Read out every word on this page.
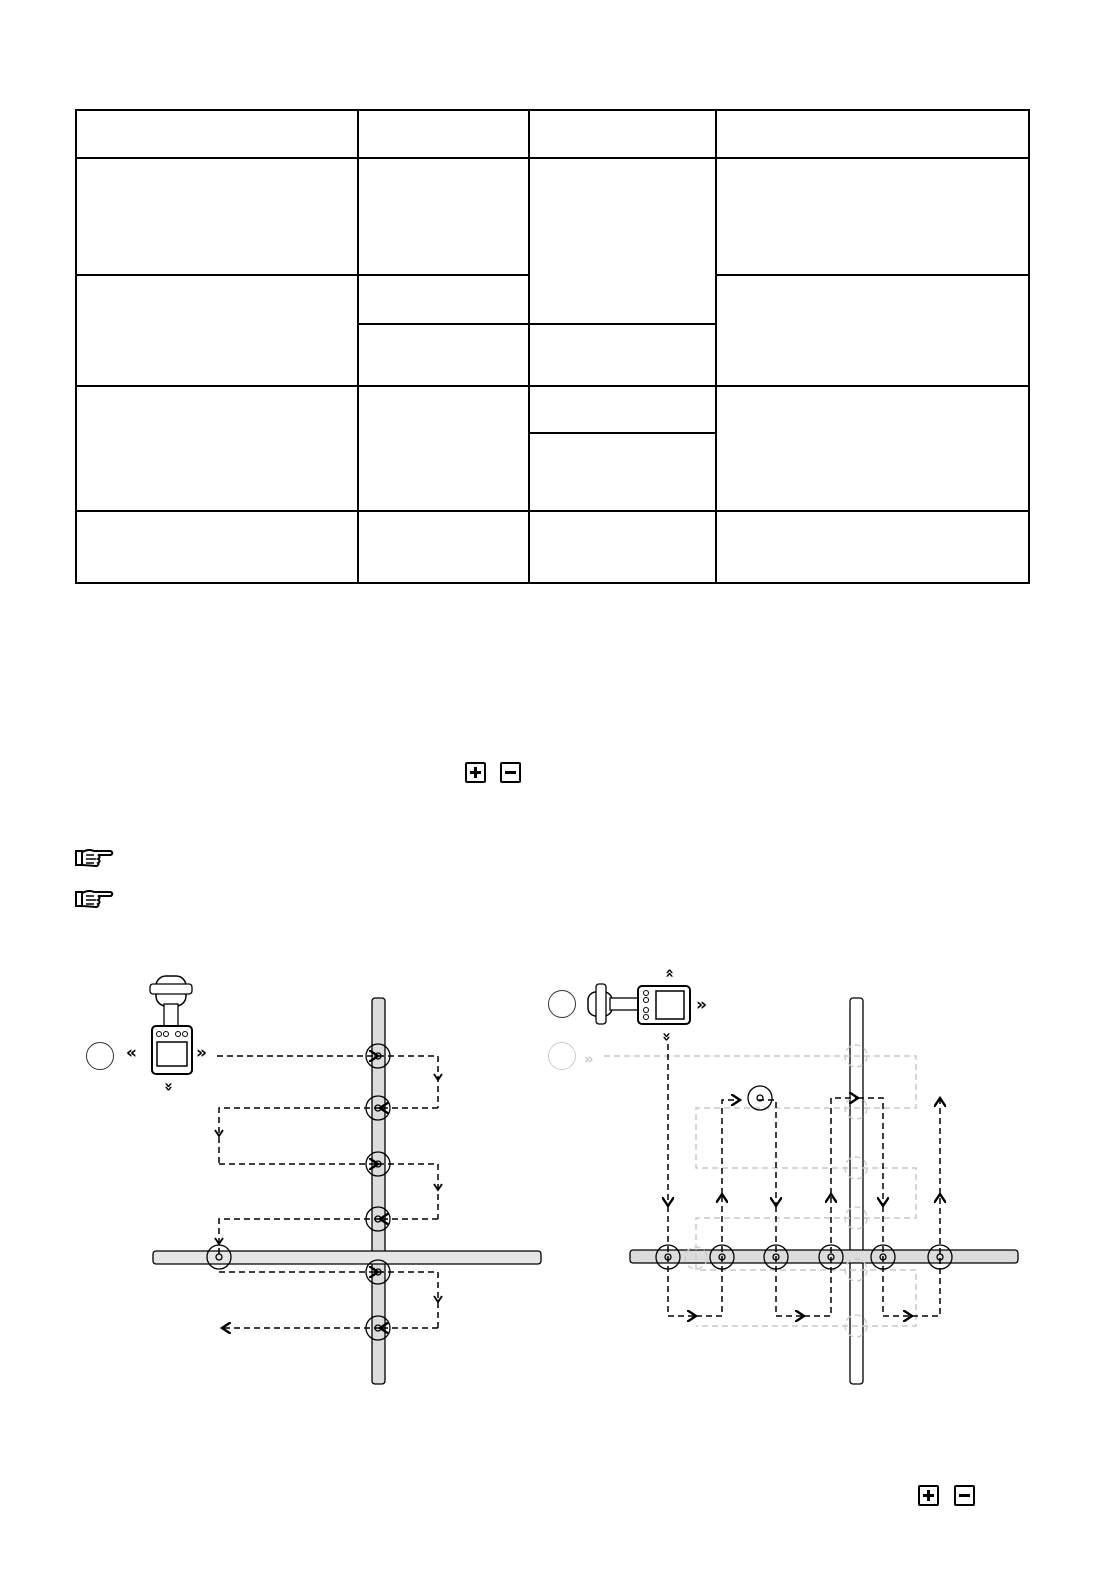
«	»
»
»
»
»
»
